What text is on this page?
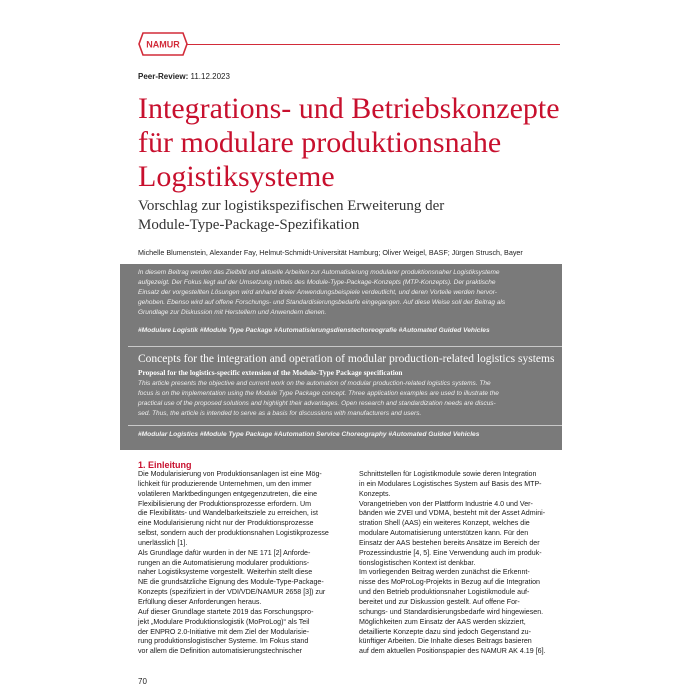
NAMUR
Peer-Review: 11.12.2023
Integrations- und Betriebskonzepte
für modulare produktionsnahe
Logistiksysteme
Vorschlag zur logistikspezifischen Erweiterung der
Module-Type-Package-Spezifikation
Michelle Blumenstein, Alexander Fay, Helmut-Schmidt-Universität Hamburg; Oliver Weigel, BASF; Jürgen Strusch, Bayer
In diesem Beitrag werden das Zielbild und aktuelle Arbeiten zur Automatisierung modularer produktionsnaher Logistiksysteme
aufgezeigt. Der Fokus liegt auf der Umsetzung mittels des Module-Type-Package-Konzepts (MTP-Konzepts). Der praktische
Einsatz der vorgestellten Lösungen wird anhand dreier Anwendungsbeispiele verdeutlicht, und deren Vorteile werden hervor-
gehoben. Ebenso wird auf offene Forschungs- und Standardisierungsbedarfe eingegangen. Auf diese Weise soll der Beitrag als
Grundlage zur Diskussion mit Herstellern und Anwendern dienen.
#Modulare Logistik #Module Type Package #Automatisierungsdienstechoreografie #Automated Guided Vehicles
Concepts for the integration and operation of modular production-related logistics systems
Proposal for the logistics-specific extension of the Module-Type Package specification
This article presents the objective and current work on the automation of modular production-related logistics systems. The
focus is on the implementation using the Module Type Package concept. Three application examples are used to illustrate the
practical use of the proposed solutions and highlight their advantages. Open research and standardization needs are discus-
sed. Thus, the article is intended to serve as a basis for discussions with manufacturers and users.
#Modular Logistics #Module Type Package #Automation Service Choreography #Automated Guided Vehicles
1. Einleitung
Die Modularisierung von Produktionsanlagen ist eine Mög-
lichkeit für produzierende Unternehmen, um den immer
volatileren Marktbedingungen entgegenzutreten, die eine
Flexibilisierung der Produktionsprozesse erfordern. Um
die Flexibilitäts- und Wandelbarkeitsziele zu erreichen, ist
eine Modularisierung nicht nur der Produktionsprozesse
selbst, sondern auch der produktionsnahen Logistikprozesse
unerlässlich [1].
Als Grundlage dafür wurden in der NE 171 [2] Anforde-
rungen an die Automatisierung modularer produktions-
naher Logistiksysteme vorgestellt. Weiterhin stellt diese
NE die grundsätzliche Eignung des Module-Type-Package-
Konzepts (spezifiziert in der VDI/VDE/NAMUR 2658 [3]) zur
Erfüllung dieser Anforderungen heraus.
Auf dieser Grundlage startete 2019 das Forschungspro-
jekt „Modulare Produktionslogistik (MoProLog)“ als Teil
der ENPRO 2.0-Initiative mit dem Ziel der Modularisie-
rung produktionslogistischer Systeme. Im Fokus stand
vor allem die Definition automatisierungstechnischer
Schnittstellen für Logistikmodule sowie deren Integration
in ein Modulares Logistisches System auf Basis des MTP-
Konzepts.
Vorangetrieben von der Plattform Industrie 4.0 und Ver-
bänden wie ZVEI und VDMA, besteht mit der Asset Admini-
stration Shell (AAS) ein weiteres Konzept, welches die
modulare Automatisierung unterstützen kann. Für den
Einsatz der AAS bestehen bereits Ansätze im Bereich der
Prozessindustrie [4, 5]. Eine Verwendung auch im produk-
tionslogistischen Kontext ist denkbar.
Im vorliegenden Beitrag werden zunächst die Erkennt-
nisse des MoProLog-Projekts in Bezug auf die Integration
und den Betrieb produktionsnaher Logistikmodule auf-
bereitet und zur Diskussion gestellt. Auf offene For-
schungs- und Standardisierungsbedarfe wird hingewiesen.
Möglichkeiten zum Einsatz der AAS werden skizziert,
detaillierte Konzepte dazu sind jedoch Gegenstand zu-
künftiger Arbeiten. Die Inhalte dieses Beitrags basieren
auf dem aktuellen Positionspapier des NAMUR AK 4.19 [6].
70
